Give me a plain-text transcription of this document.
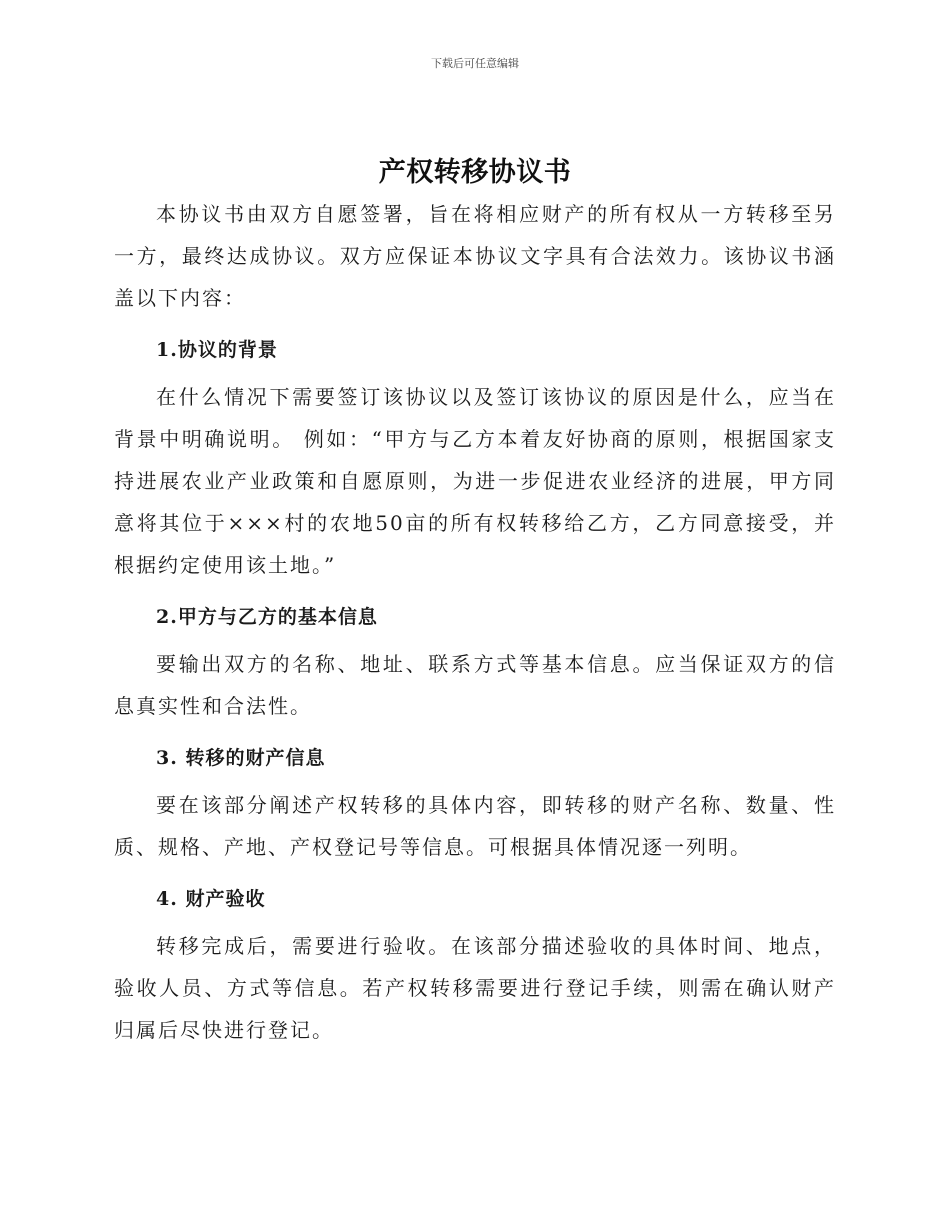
下载后可任意编辑
产权转移协议书

本协议书由双方自愿签署，旨在将相应财产的所有权从一方转移至另一方，最终达成协议。双方应保证本协议文字具有合法效力。该协议书涵盖以下内容：

1.协议的背景

在什么情况下需要签订该协议以及签订该协议的原因是什么，应当在背景中明确说明。 例如：“甲方与乙方本着友好协商的原则，根据国家支持进展农业产业政策和自愿原则，为进一步促进农业经济的进展，甲方同意将其位于×××村的农地50亩的所有权转移给乙方，乙方同意接受，并根据约定使用该土地。”

2.甲方与乙方的基本信息

要输出双方的名称、地址、联系方式等基本信息。应当保证双方的信息真实性和合法性。

3. 转移的财产信息

要在该部分阐述产权转移的具体内容，即转移的财产名称、数量、性质、规格、产地、产权登记号等信息。可根据具体情况逐一列明。

4. 财产验收

转移完成后，需要进行验收。在该部分描述验收的具体时间、地点，验收人员、方式等信息。若产权转移需要进行登记手续，则需在确认财产归属后尽快进行登记。
